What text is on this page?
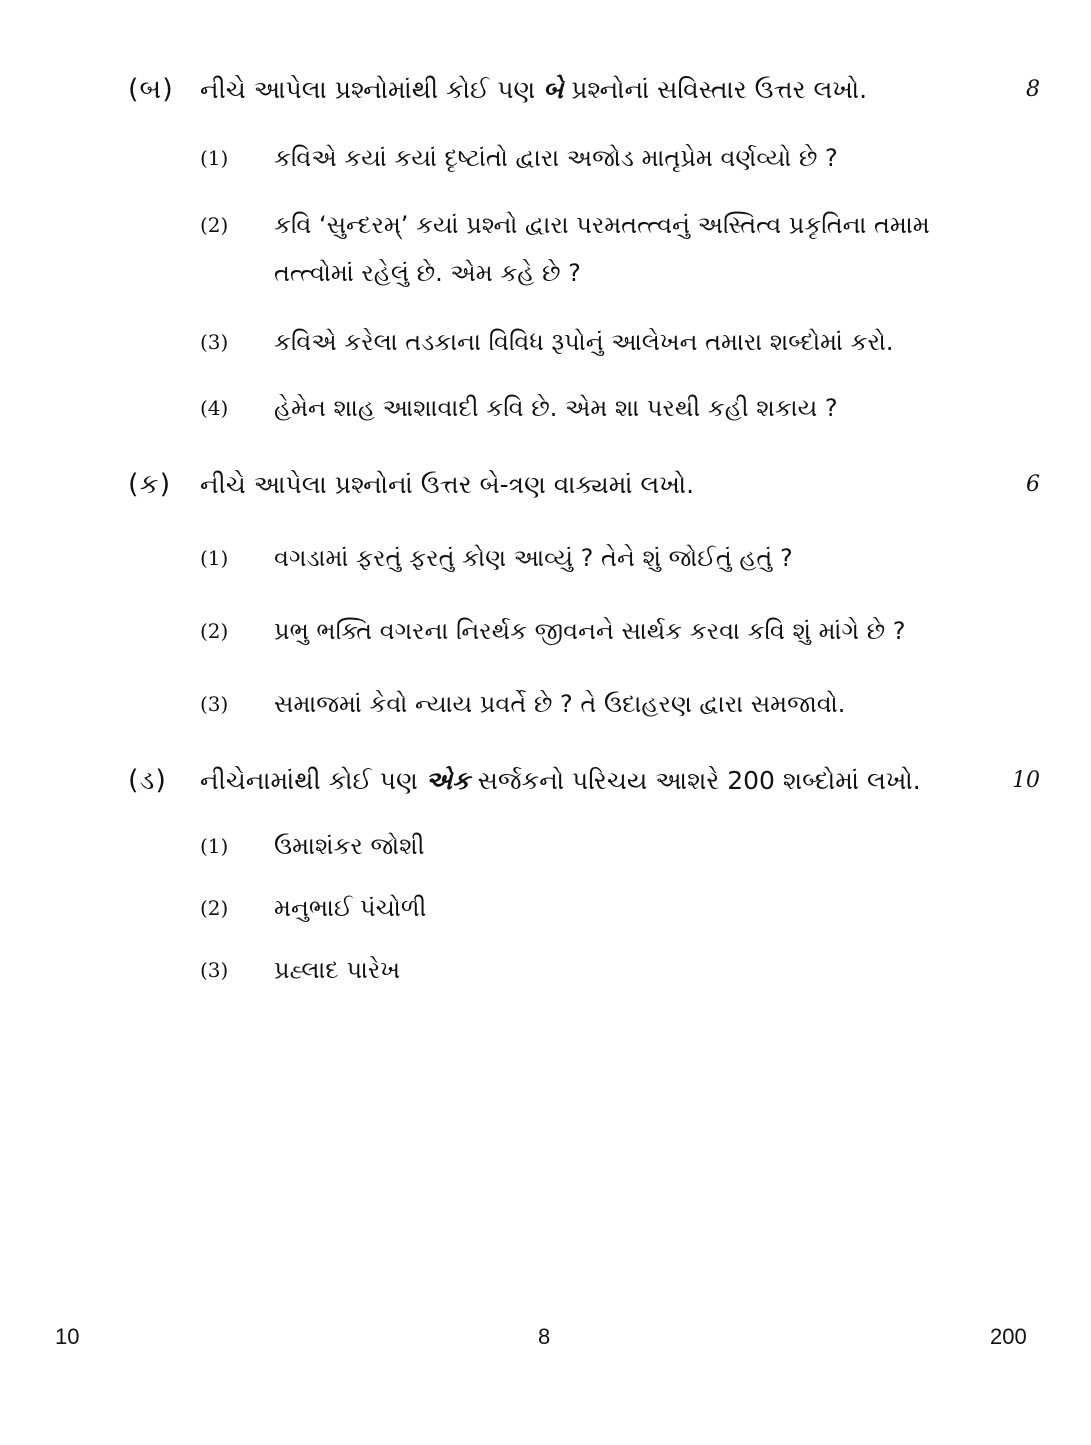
(બ) નીચે આપેલા પ્રશ્નોમાંથી કોઈ પણ બે પ્રશ્નોનાં સવિસ્તાર ઉત્તર લખો.	8
(1) કવિએ કયાં કયાં દૃષ્ટાંતો દ્વારા અજોડ માતૃપ્રેમ વર્ણવ્યો છે ?
(2) કવિ ‘સુન્દરમ્’ કયાં પ્રશ્નો દ્વારા પરમતત્ત્વનું અસ્તિત્વ પ્રકૃતિના તમામ તત્ત્વોમાં રહેલું છે. એમ કહે છે ?
(3) કવિએ કરેલા તડકાના વિવિધ રૂપોનું આલેખન તમારા શબ્દોમાં કરો.
(4) હેમેન શાહ આશાવાદી કવિ છે. એમ શા પરથી કહી શકાય ?
(ક) નીચે આપેલા પ્રશ્નોનાં ઉત્તર બે-ત્રણ વાક્યમાં લખો.	6
(1) વગડામાં ફરતું ફરતું કોણ આવ્યું ? તેને શું જોઈતું હતું ?
(2) પ્રભુ ભક્તિ વગરના નિરર્થક જીવનને સાર્થક કરવા કવિ શું માંગે છે ?
(3) સમાજમાં કેવો ન્યાય પ્રવર્તે છે ? તે ઉદાહરણ દ્વારા સમજાવો.
(ડ) નીચેનામાંથી કોઈ પણ એક સર્જકનો પરિચય આશરે 200 શબ્દોમાં લખો.	10
(1) ઉમાશંકર જોશી
(2) મનુભાઈ પંચોળી
(3) પ્રહ્લાદ પારેખ
10	8	200
